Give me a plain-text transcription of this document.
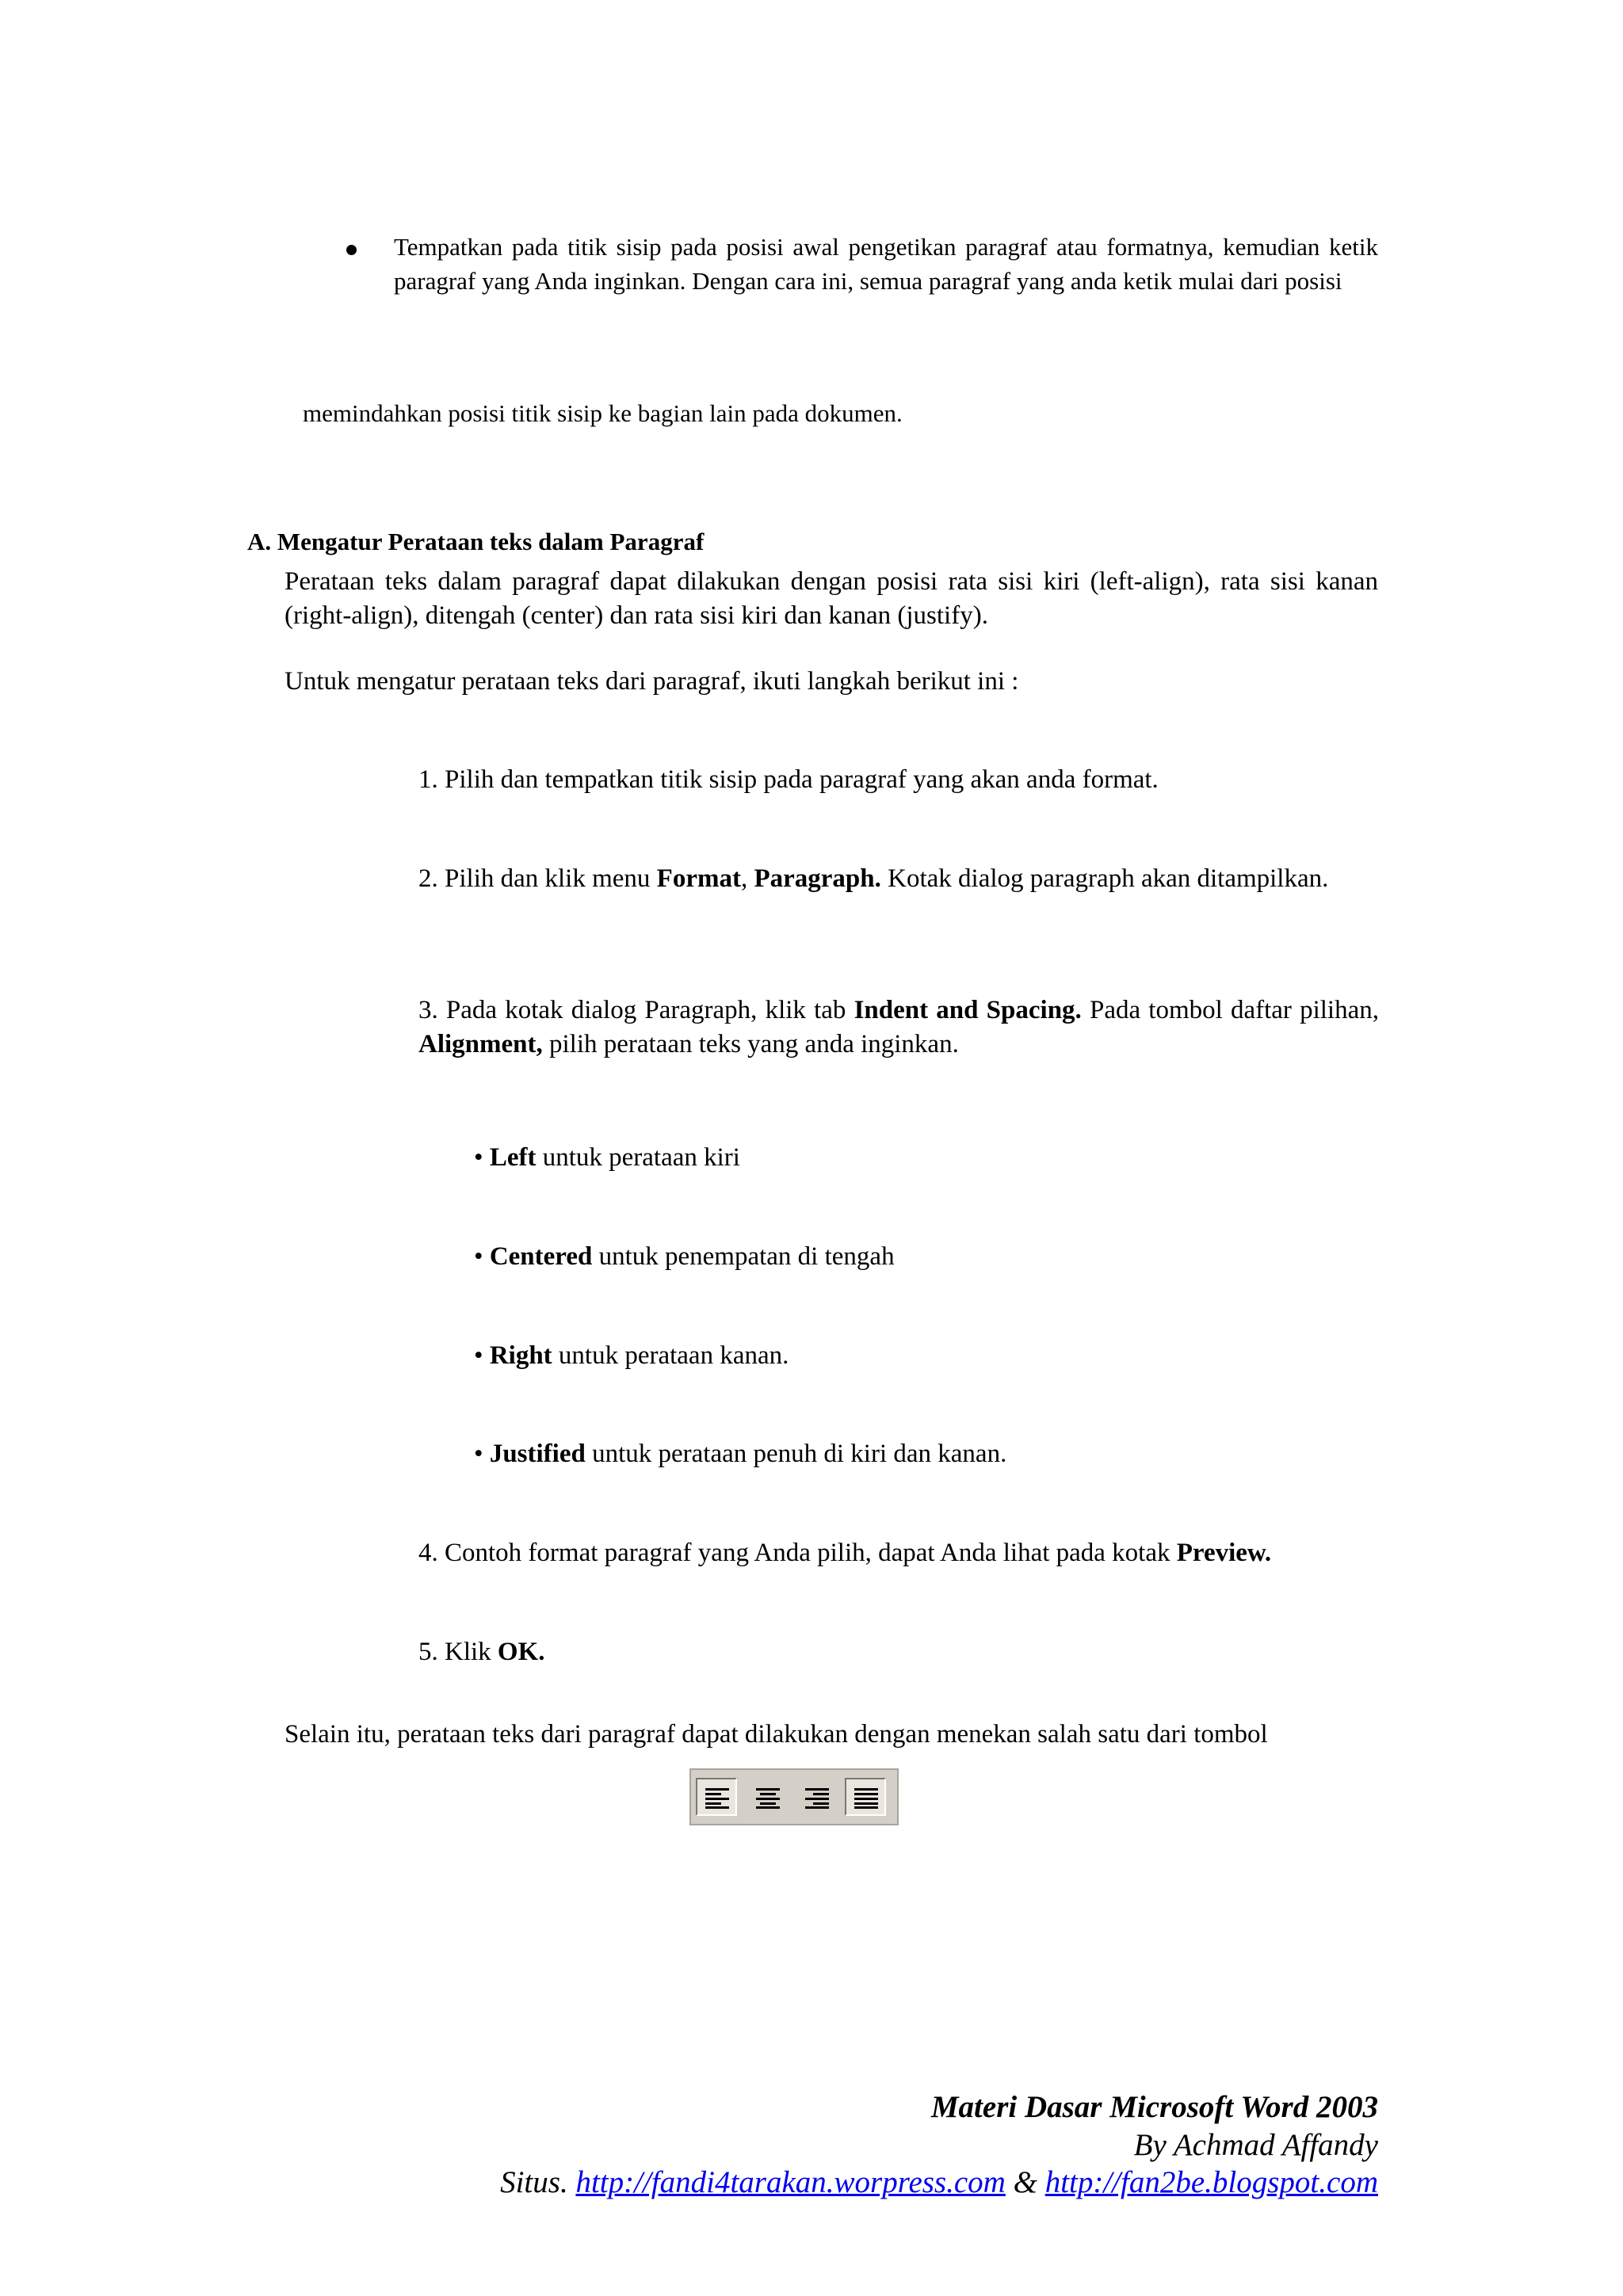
Tempatkan pada titik sisip pada posisi awal pengetikan paragraf atau formatnya, kemudian ketik paragraf yang Anda inginkan. Dengan cara ini, semua paragraf yang anda ketik mulai dari posisi
memindahkan posisi titik sisip ke bagian lain pada dokumen.
A. Mengatur Perataan teks dalam Paragraf
Perataan teks dalam paragraf dapat dilakukan dengan posisi rata sisi kiri (left-align), rata sisi kanan (right-align), ditengah (center) dan rata sisi kiri dan kanan (justify).
Untuk mengatur perataan teks dari paragraf, ikuti langkah berikut ini :
1. Pilih dan tempatkan titik sisip pada paragraf yang akan anda format.
2. Pilih dan klik menu Format, Paragraph. Kotak dialog paragraph akan ditampilkan.
3. Pada kotak dialog Paragraph, klik tab Indent and Spacing. Pada tombol daftar pilihan, Alignment, pilih perataan teks yang anda inginkan.
• Left untuk perataan kiri
• Centered untuk penempatan di tengah
• Right untuk perataan kanan.
• Justified untuk perataan penuh di kiri dan kanan.
4. Contoh format paragraf yang Anda pilih, dapat Anda lihat pada kotak Preview.
5. Klik OK.
Selain itu, perataan teks dari paragraf dapat dilakukan dengan menekan salah satu dari tombol
Materi Dasar Microsoft Word 2003
By Achmad Affandy
Situs. http://fandi4tarakan.worpress.com & http://fan2be.blogspot.com
